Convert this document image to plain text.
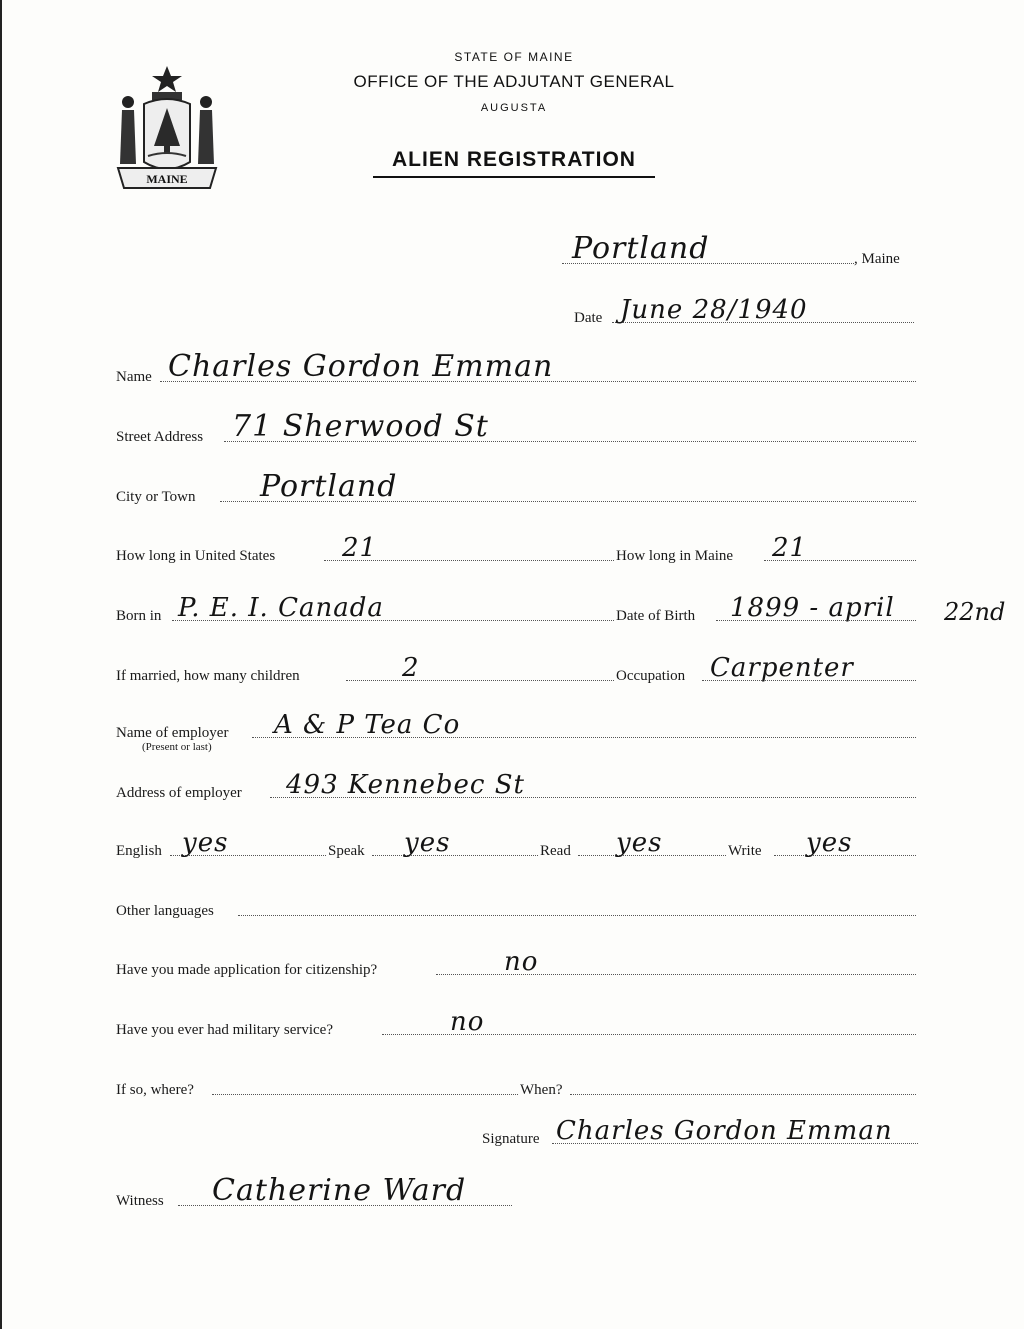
MAINE
STATE OF MAINE
OFFICE OF THE ADJUTANT GENERAL
AUGUSTA
ALIEN REGISTRATION
Portland	, Maine
Date June 28/1940
Name Charles Gordon Emman
Street Address 71 Sherwood St
City or Town Portland
How long in United States	21	How long in Maine 21
Born in P. E. I. Canada	Date of Birth 1899 - april 22nd
If married, how many children	2	Occupation Carpenter
Name of employer A & P Tea Co
(Present or last)
Address of employer 493 Kennebec St
English yes	Speak yes	Read yes	Write yes
Other languages
Have you made application for citizenship?	no
Have you ever had military service?	no
If so, where?	When?
Signature Charles Gordon Emman
Witness Catherine Ward
